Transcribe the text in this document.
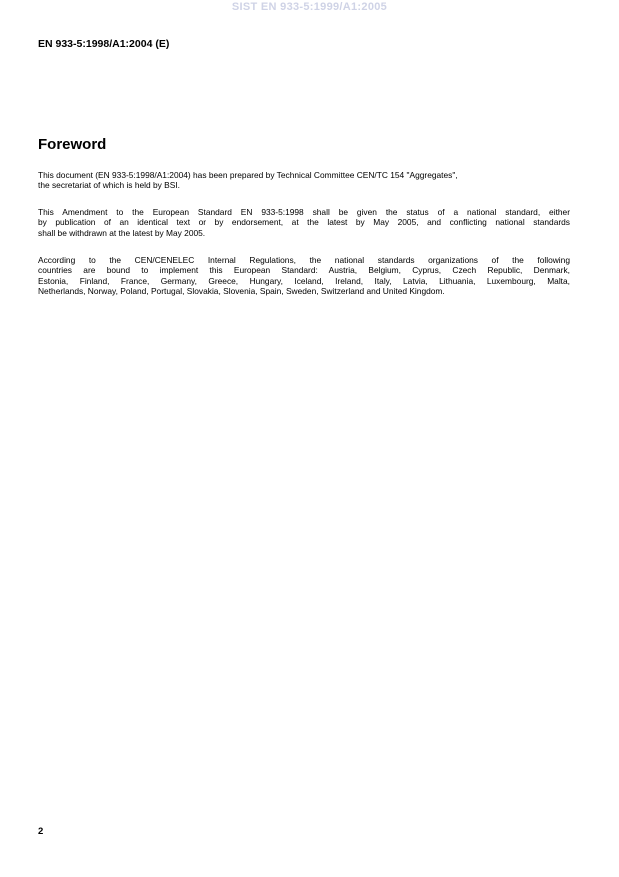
SIST EN 933-5:1999/A1:2005
EN 933-5:1998/A1:2004 (E)
Foreword
This document (EN 933-5:1998/A1:2004) has been prepared by Technical Committee CEN/TC 154 "Aggregates",
the secretariat of which is held by BSI.
This Amendment to the European Standard EN 933-5:1998 shall be given the status of a national standard, either
by publication of an identical text or by endorsement, at the latest by May 2005, and conflicting national standards
shall be withdrawn at the latest by May 2005.
According to the CEN/CENELEC Internal Regulations, the national standards organizations of the following
countries are bound to implement this European Standard: Austria, Belgium, Cyprus, Czech Republic, Denmark,
Estonia, Finland, France, Germany, Greece, Hungary, Iceland, Ireland, Italy, Latvia, Lithuania, Luxembourg, Malta,
Netherlands, Norway, Poland, Portugal, Slovakia, Slovenia, Spain, Sweden, Switzerland and United Kingdom.
2
